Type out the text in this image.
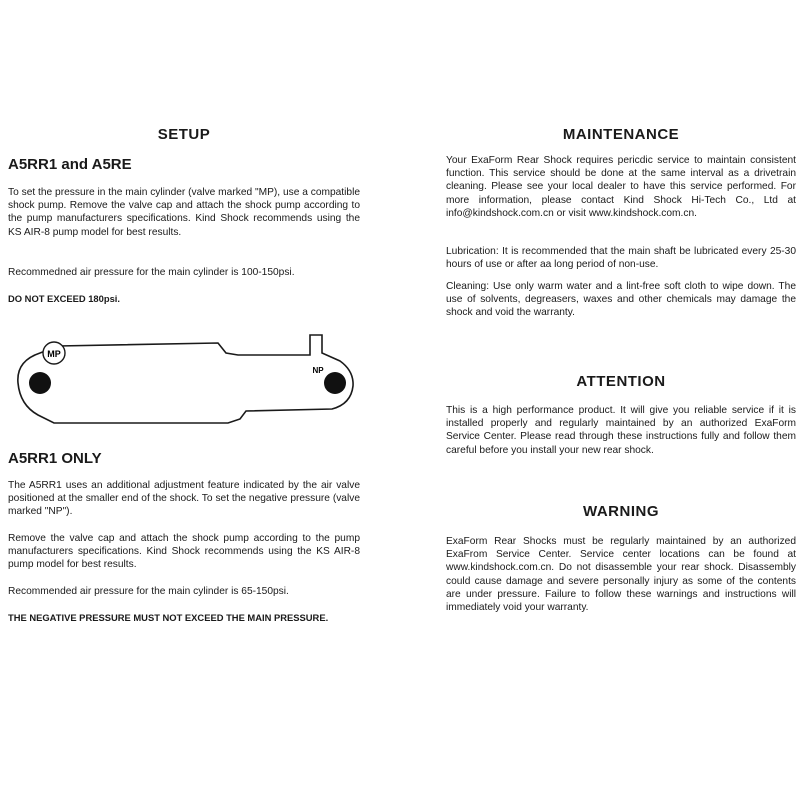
SETUP
A5RR1 and A5RE
To set the pressure in the main cylinder (valve marked "MP), use a compatible shock pump. Remove the valve cap and attach the shock pump according to the pump manufacturers specifications. Kind Shock recommends using the KS AIR-8 pump model for best results.
Recommedned air pressure for the main cylinder is 100-150psi.
DO NOT EXCEED 180psi.
A5RR1 ONLY
The A5RR1 uses an additional adjustment feature indicated by the air valve positioned at the smaller end of the shock. To set the negative pressure (valve marked "NP").
Remove the valve cap and attach the shock pump according to the pump manufacturers specifications. Kind Shock recommends using the KS AIR-8 pump model for best results.
Recommended air pressure for the main cylinder is 65-150psi.
THE NEGATIVE PRESSURE MUST NOT EXCEED THE MAIN PRESSURE.
MP
NP
MAINTENANCE
Your ExaForm Rear Shock requires pericdic service to maintain consistent function. This service should be done at the same interval as a drivetrain cleaning. Please see your local dealer to have this service performed. For more information, please contact Kind Shock Hi-Tech Co., Ltd at info@kindshock.com.cn or visit www.kindshock.com.cn.
Lubrication: It is recommended that the main shaft be lubricated every 25-30 hours of use or after aa long period of non-use.
Cleaning: Use only warm water and a lint-free soft cloth to wipe down. The use of solvents, degreasers, waxes and other chemicals may damage the shock and void the warranty.
ATTENTION
This is a high performance product. It will give you reliable service if it is installed properly and regularly maintained by an authorized ExaForm Service Center. Please read through these instructions fully and follow them careful before you install your new rear shock.
WARNING
ExaForm Rear Shocks must be regularly maintained by an authorized ExaFrom Service Center. Service center locations can be found at www.kindshock.com.cn. Do not disassemble your rear shock. Disassembly could cause damage and severe personally injury as some of the contents are under pressure. Failure to follow these warnings and instructions will immediately void your warranty.
